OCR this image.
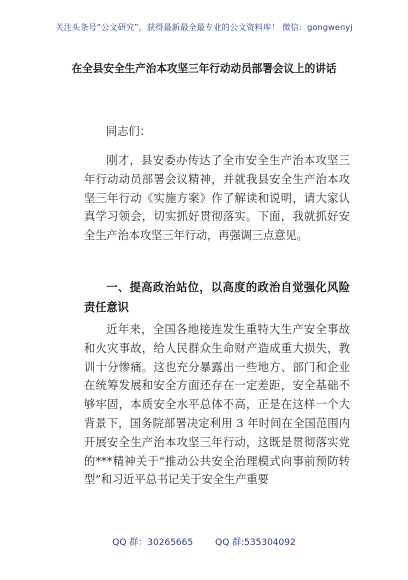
关注头条号“公文研究”，获得最新最全最专业的公文资料库！ 微信：gongwenyj
在全县安全生产治本攻坚三年行动动员部署会议上的讲话
同志们：

刚才，县安委办传达了全市安全生产治本攻坚三年行动动员部署会议精神，并就我县安全生产治本攻坚三年行动《实施方案》作了解读和说明，请大家认真学习领会，切实抓好贯彻落实。下面，我就抓好安全生产治本攻坚三年行动，再强调三点意见。

一、提高政治站位，以高度的政治自觉强化风险责任意识

近年来，全国各地接连发生重特大生产安全事故和火灾事故，给人民群众生命财产造成重大损失，教训十分惨痛。这也充分暴露出一些地方、部门和企业在统筹发展和安全方面还存在一定差距，安全基础不够牢固，本质安全水平总体不高，正是在这样一个大背景下，国务院部署决定利用 3 年时间在全国范围内开展安全生产治本攻坚三年行动，这既是贯彻落实党的***精神关于“推动公共安全治理模式向事前预防转型”和习近平总书记关于安全生产重要

QQ 群：30265665 QQ 群:535304092
